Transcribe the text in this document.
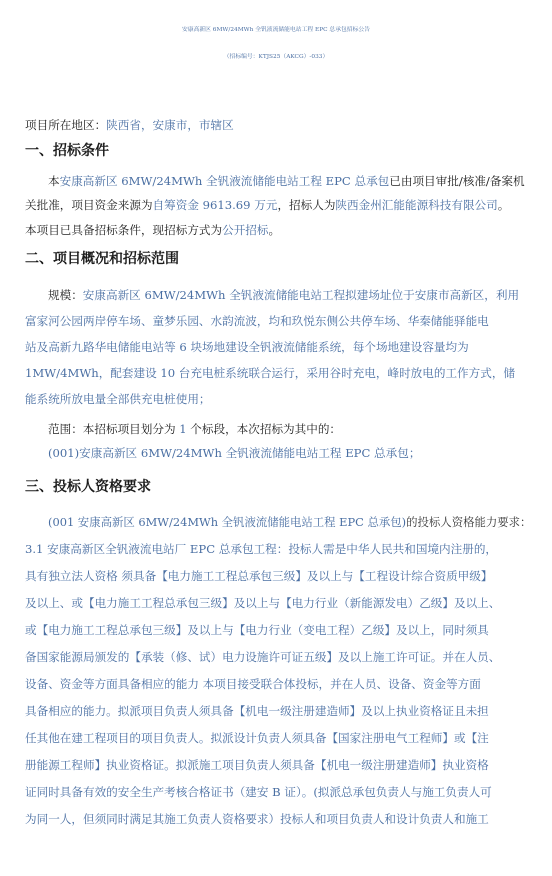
安康高新区 6MW/24MWh 全钒液流储能电站工程 EPC 总承包招标公告
（招标编号：KTJS25（AKCG）-033）
项目所在地区：陕西省，安康市，市辖区
一、招标条件
本安康高新区 6MW/24MWh 全钒液流储能电站工程 EPC 总承包已由项目审批/核准/备案机
关批准，项目资金来源为自筹资金 9613.69 万元，招标人为陕西金州汇能能源科技有限公司。
本项目已具备招标条件，现招标方式为公开招标。
二、项目概况和招标范围
规模：安康高新区 6MW/24MWh 全钒液流储能电站工程拟建场址位于安康市高新区，利用
富家河公园两岸停车场、童梦乐园、水韵流波，均和玖悦东侧公共停车场、华秦储能驿能电
站及高新九路华电储能电站等 6 块场地建设全钒液流储能系统，每个场地建设容量均为
1MW/4MWh，配套建设 10 台充电桩系统联合运行，采用谷时充电，峰时放电的工作方式，储
能系统所放电量全部供充电桩使用；
范围：本招标项目划分为 1 个标段，本次招标为其中的：
(001)安康高新区 6MW/24MWh 全钒液流储能电站工程 EPC 总承包；
三、投标人资格要求
(001 安康高新区 6MW/24MWh 全钒液流储能电站工程 EPC 总承包)的投标人资格能力要求：
3.1 安康高新区全钒液流电站厂 EPC 总承包工程：投标人需是中华人民共和国境内注册的，
具有独立法人资格 须具备【电力施工工程总承包三级】及以上与【工程设计综合资质甲级】
及以上、或【电力施工工程总承包三级】及以上与【电力行业（新能源发电）乙级】及以上、
或【电力施工工程总承包三级】及以上与【电力行业（变电工程）乙级】及以上，同时须具
备国家能源局颁发的【承装（修、试）电力设施许可证五级】及以上施工许可证。并在人员、
设备、资金等方面具备相应的能力 本项目接受联合体投标，并在人员、设备、资金等方面
具备相应的能力。拟派项目负责人须具备【机电一级注册建造师】及以上执业资格证且未担
任其他在建工程项目的项目负责人。拟派设计负责人须具备【国家注册电气工程师】或【注
册能源工程师】执业资格证。拟派施工项目负责人须具备【机电一级注册建造师】执业资格
证同时具备有效的安全生产考核合格证书（建安 B 证）。(拟派总承包负责人与施工负责人可
为同一人，但须同时满足其施工负责人资格要求）投标人和项目负责人和设计负责人和施工
